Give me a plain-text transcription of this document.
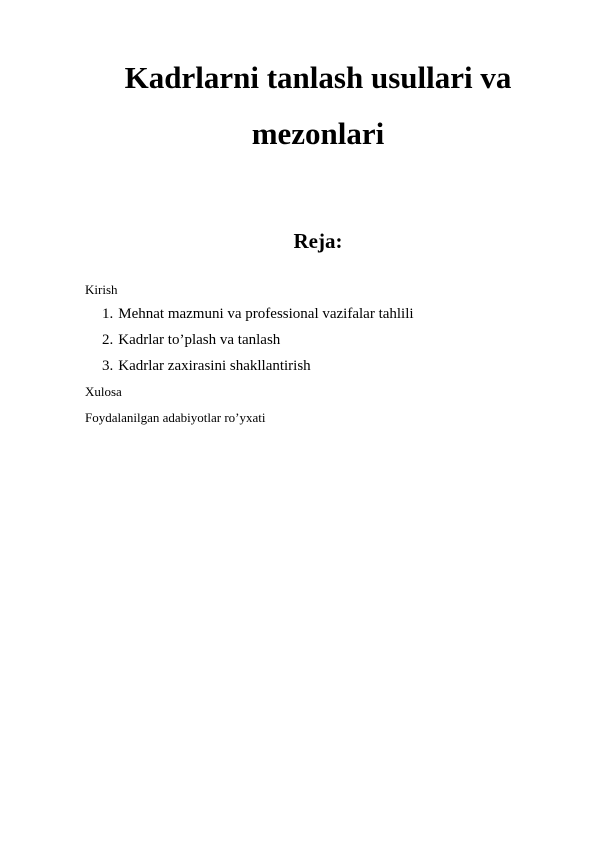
Kadrlarni tanlash usullari va
mezonlari
Reja:

Kirish

1. Mehnat mazmuni va professional vazifalar tahlili
2. Kadrlar to’plash va tanlash
3. Kadrlar zaxirasini shakllantirish

Xulosa

Foydalanilgan adabiyotlar ro’yxati
